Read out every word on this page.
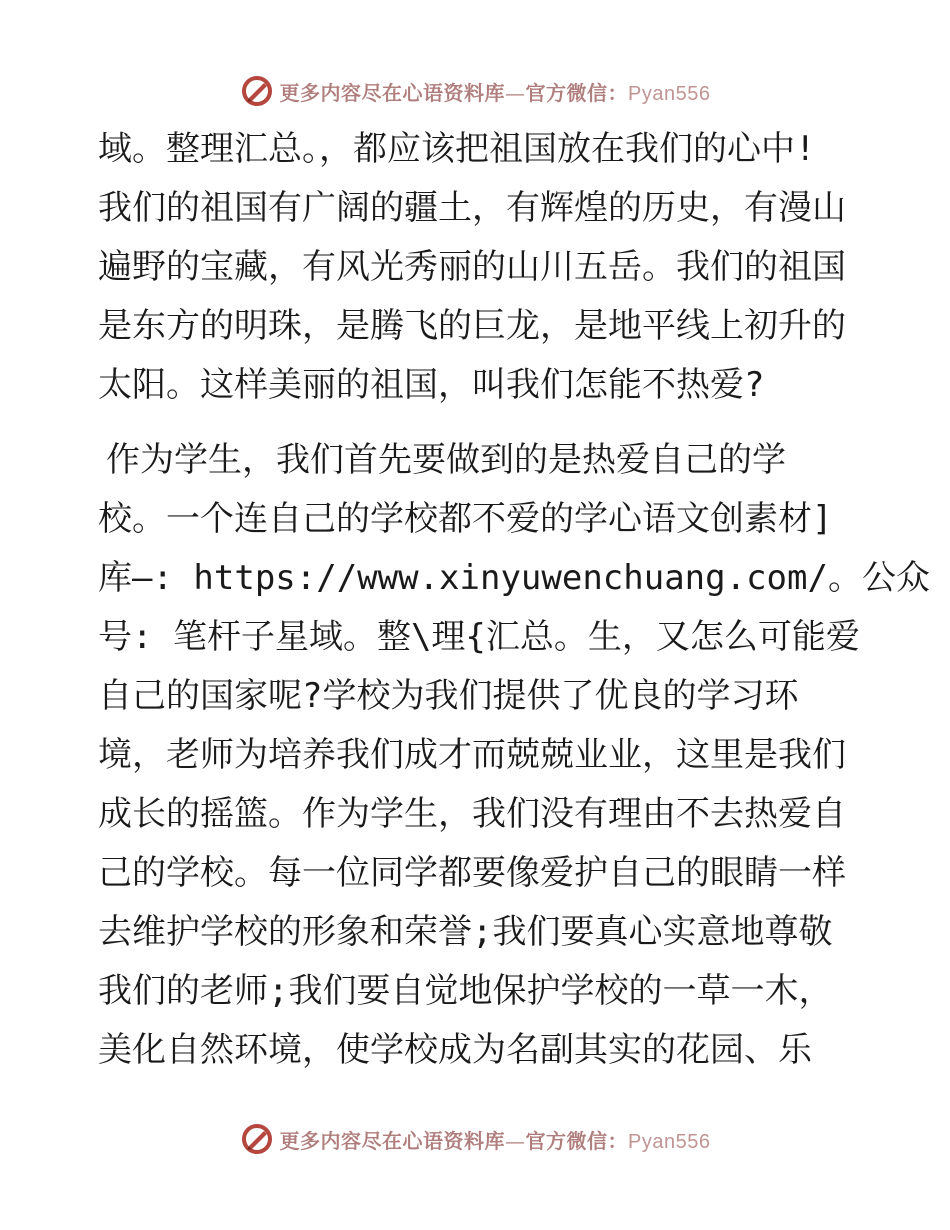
更多内容尽在心语资料库—官方微信：Pyan556
域。整理汇总。，都应该把祖国放在我们的心中!
我们的祖国有广阔的疆土，有辉煌的历史，有漫山
遍野的宝藏，有风光秀丽的山川五岳。我们的祖国
是东方的明珠，是腾飞的巨龙，是地平线上初升的
太阳。这样美丽的祖国，叫我们怎能不热爱?
作为学生，我们首先要做到的是热爱自己的学
校。一个连自己的学校都不爱的学心语文创素材]
库—: https://www.xinyuwenchuang.com/。公众
号: 笔杆子星域。整\理{汇总。生，又怎么可能爱
自己的国家呢?学校为我们提供了优良的学习环
境，老师为培养我们成才而兢兢业业，这里是我们
成长的摇篮。作为学生，我们没有理由不去热爱自
己的学校。每一位同学都要像爱护自己的眼睛一样
去维护学校的形象和荣誉;我们要真心实意地尊敬
我们的老师;我们要自觉地保护学校的一草一木，
美化自然环境，使学校成为名副其实的花园、乐
更多内容尽在心语资料库—官方微信：Pyan556
